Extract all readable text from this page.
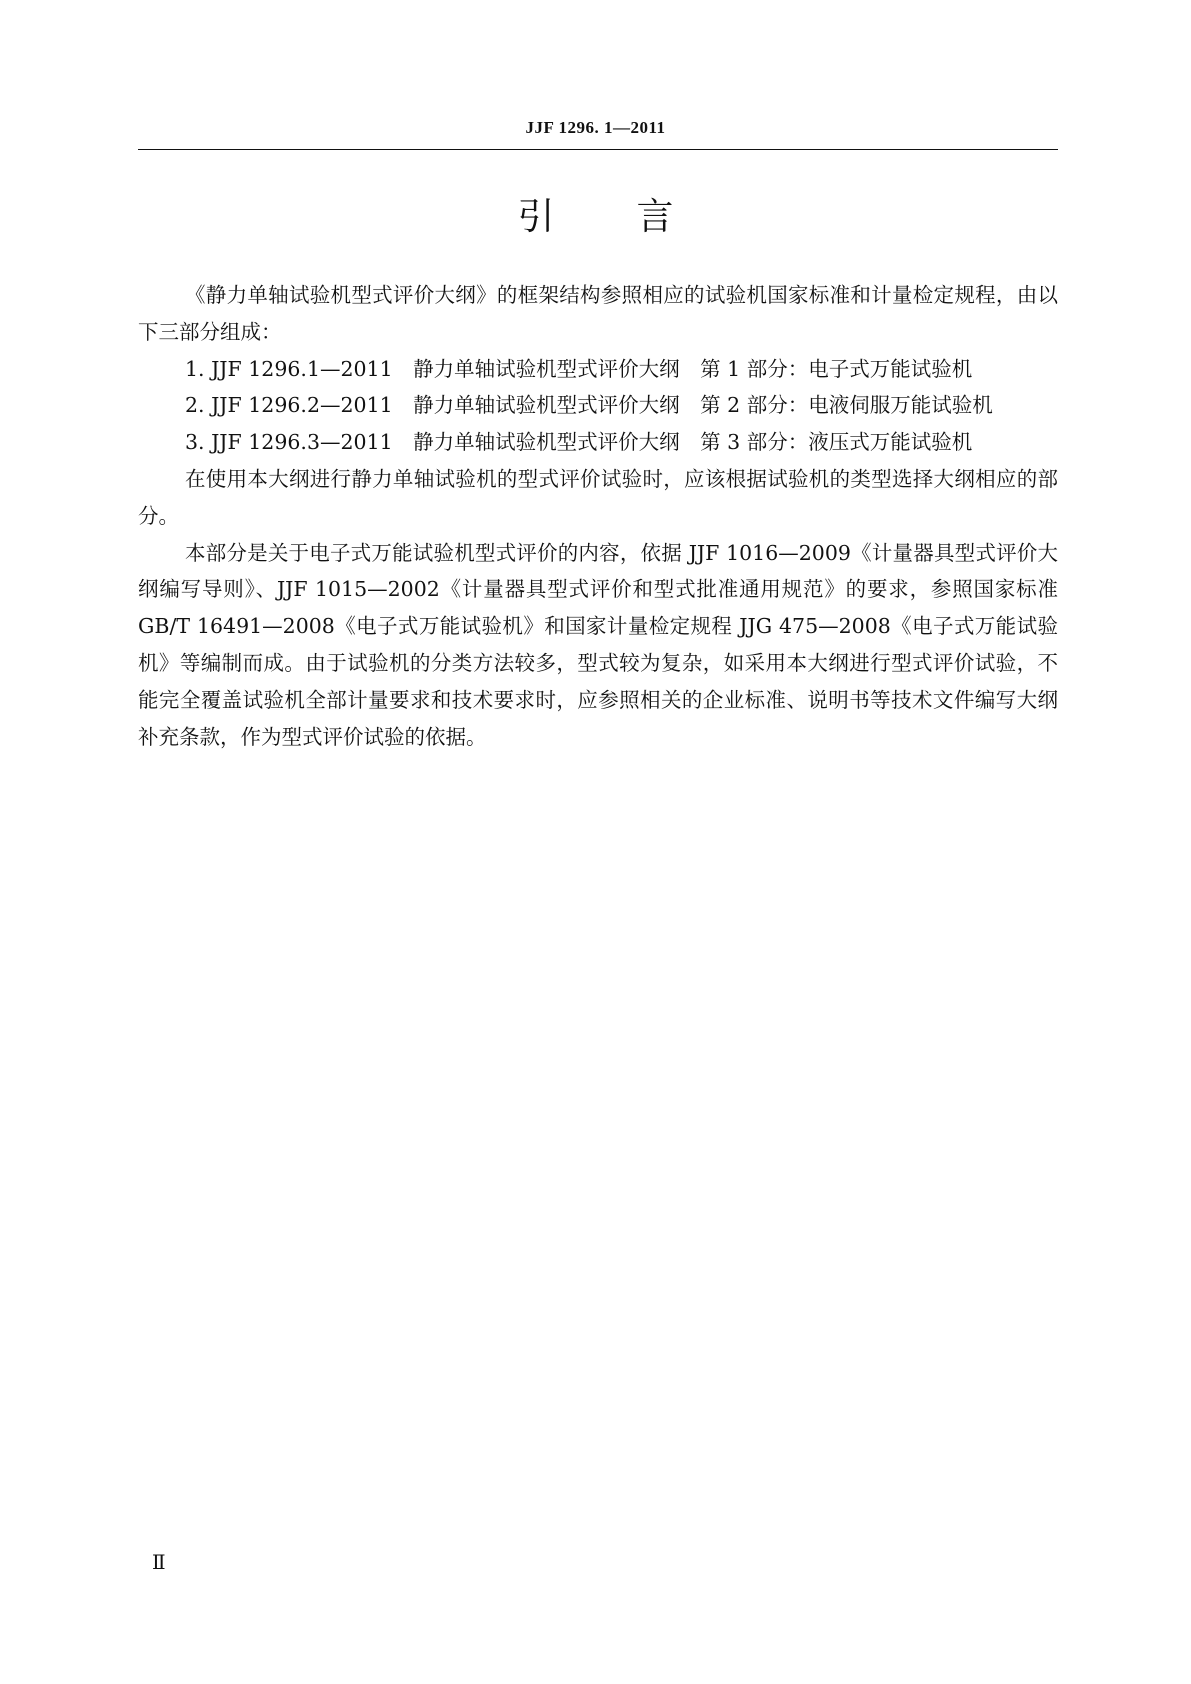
JJF 1296. 1—2011
引言

《静力单轴试验机型式评价大纲》的框架结构参照相应的试验机国家标准和计量检定规程，由以下三部分组成：

1. JJF 1296.1—2011　静力单轴试验机型式评价大纲　第 1 部分：电子式万能试验机

2. JJF 1296.2—2011　静力单轴试验机型式评价大纲　第 2 部分：电液伺服万能试验机

3. JJF 1296.3—2011　静力单轴试验机型式评价大纲　第 3 部分：液压式万能试验机

在使用本大纲进行静力单轴试验机的型式评价试验时，应该根据试验机的类型选择大纲相应的部分。

本部分是关于电子式万能试验机型式评价的内容，依据 JJF 1016—2009《计量器具型式评价大纲编写导则》、JJF 1015—2002《计量器具型式评价和型式批准通用规范》的要求，参照国家标准 GB/T 16491—2008《电子式万能试验机》和国家计量检定规程 JJG 475—2008《电子式万能试验机》等编制而成。由于试验机的分类方法较多，型式较为复杂，如采用本大纲进行型式评价试验，不能完全覆盖试验机全部计量要求和技术要求时，应参照相关的企业标准、说明书等技术文件编写大纲补充条款，作为型式评价试验的依据。

Ⅱ
